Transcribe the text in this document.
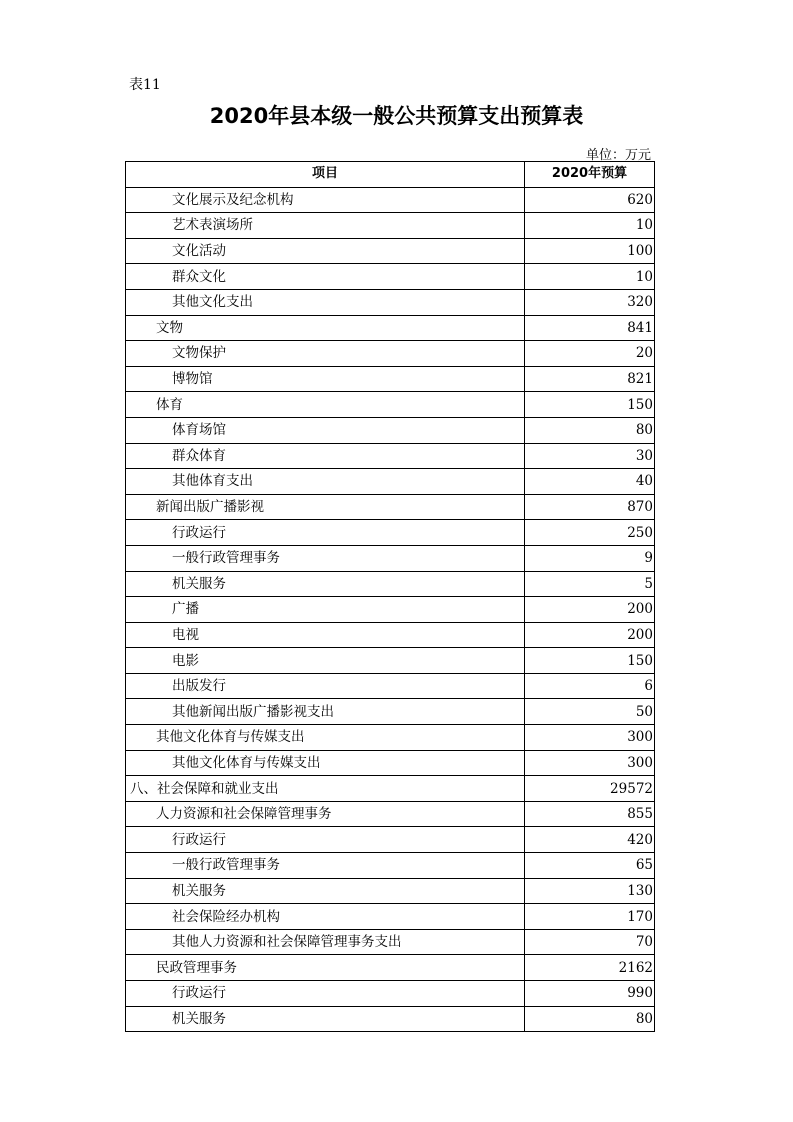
表11
2020年县本级一般公共预算支出预算表
单位：万元
项目	2020年预算
文化展示及纪念机构	620
艺术表演场所	10
文化活动	100
群众文化	10
其他文化支出	320
文物	841
文物保护	20
博物馆	821
体育	150
体育场馆	80
群众体育	30
其他体育支出	40
新闻出版广播影视	870
行政运行	250
一般行政管理事务	9
机关服务	5
广播	200
电视	200
电影	150
出版发行	6
其他新闻出版广播影视支出	50
其他文化体育与传媒支出	300
其他文化体育与传媒支出	300
八、社会保障和就业支出	29572
人力资源和社会保障管理事务	855
行政运行	420
一般行政管理事务	65
机关服务	130
社会保险经办机构	170
其他人力资源和社会保障管理事务支出	70
民政管理事务	2162
行政运行	990
机关服务	80
